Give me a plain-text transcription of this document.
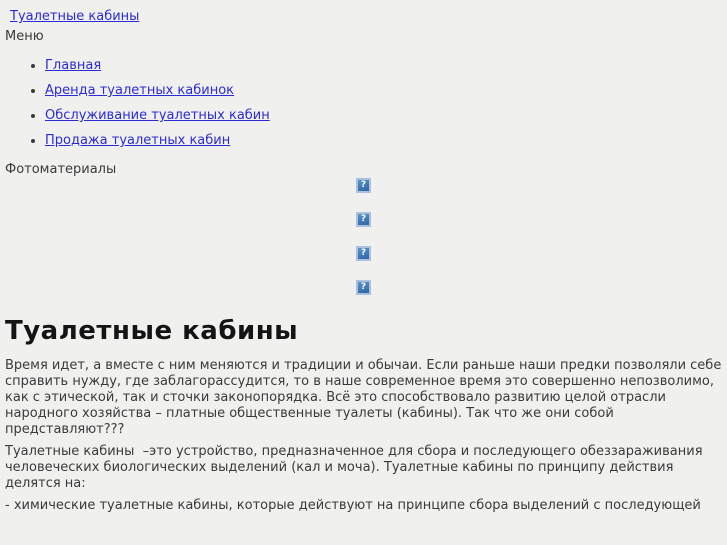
Туалетные кабины

Меню
• Главная
• Аренда туалетных кабинок
• Обслуживание туалетных кабин
• Продажа туалетных кабин
Фотоматериалы
?
?
?
?
Туалетные кабины

Время идет, а вместе с ним меняются и традиции и обычаи. Если раньше наши предки позволяли себе справить нужду, где заблагорассудится, то в наше современное время это совершенно непозволимо, как с этической, так и сточки законопорядка. Всё это способствовало развитию целой отрасли народного хозяйства – платные общественные туалеты (кабины). Так что же они собой представляют???

Туалетные кабины  –это устройство, предназначенное для сбора и последующего обеззараживания человеческих биологических выделений (кал и моча). Туалетные кабины по принципу действия делятся на:

- химические туалетные кабины, которые действуют на принципе сбора выделений с последующей
